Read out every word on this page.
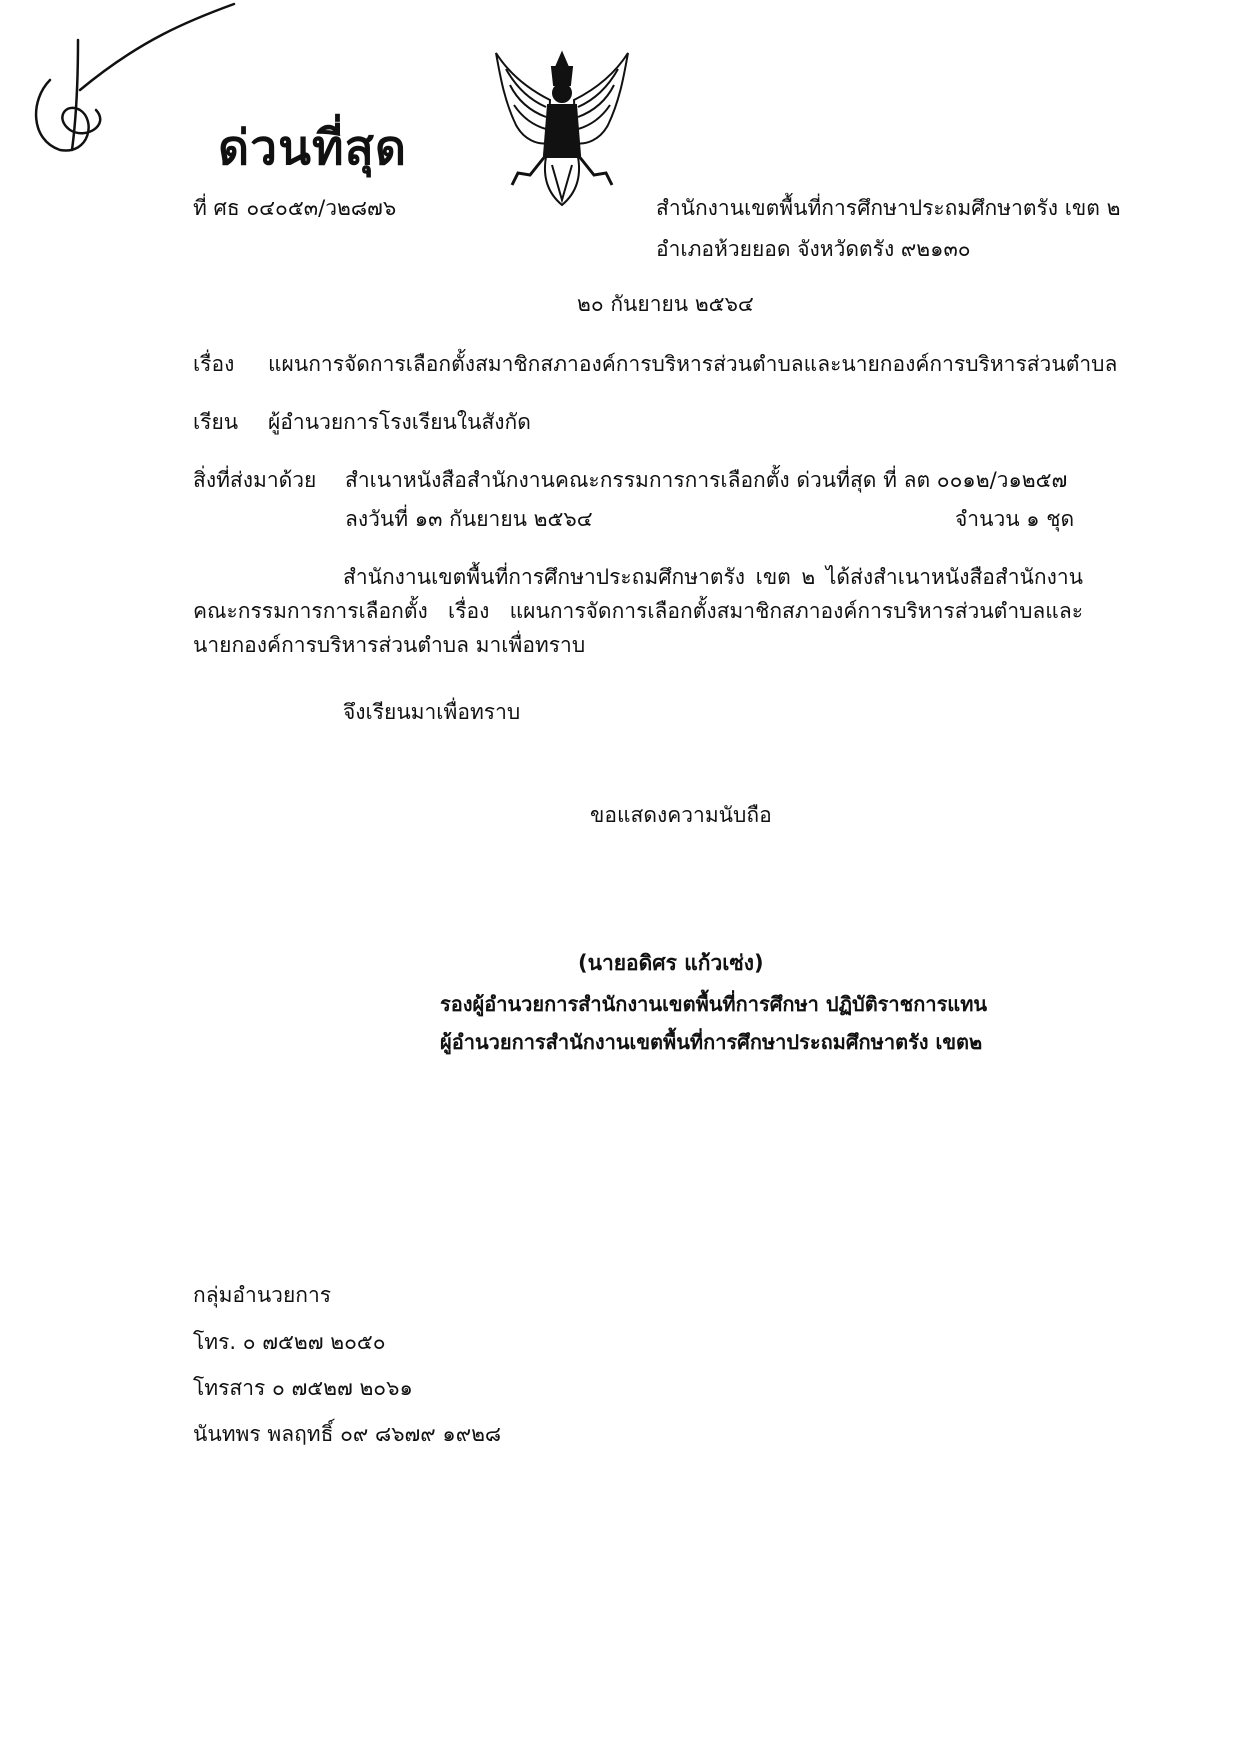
ด่วนที่สุด
ที่ ศธ ๐๔๐๕๓/ว๒๘๗๖	สำนักงานเขตพื้นที่การศึกษาประถมศึกษาตรัง เขต ๒
อำเภอห้วยยอด จังหวัดตรัง ๙๒๑๓๐
๒๐ กันยายน ๒๕๖๔
เรื่อง แผนการจัดการเลือกตั้งสมาชิกสภาองค์การบริหารส่วนตำบลและนายกองค์การบริหารส่วนตำบล
เรียน ผู้อำนวยการโรงเรียนในสังกัด
สิ่งที่ส่งมาด้วย สำเนาหนังสือสำนักงานคณะกรรมการการเลือกตั้ง ด่วนที่สุด ที่ ลต ๐๐๑๒/ว๑๒๕๗
ลงวันที่ ๑๓ กันยายน ๒๕๖๔	จำนวน ๑ ชุด
สำนักงานเขตพื้นที่การศึกษาประถมศึกษาตรัง เขต ๒ ได้ส่งสำเนาหนังสือสำนักงานคณะกรรมการการเลือกตั้ง เรื่อง แผนการจัดการเลือกตั้งสมาชิกสภาองค์การบริหารส่วนตำบลและนายกองค์การบริหารส่วนตำบล มาเพื่อทราบ
จึงเรียนมาเพื่อทราบ
ขอแสดงความนับถือ
(นายอดิศร แก้วเซ่ง)
รองผู้อำนวยการสำนักงานเขตพื้นที่การศึกษา ปฏิบัติราชการแทน
ผู้อำนวยการสำนักงานเขตพื้นที่การศึกษาประถมศึกษาตรัง เขต๒
กลุ่มอำนวยการ
โทร. ๐ ๗๕๒๗ ๒๐๕๐
โทรสาร ๐ ๗๕๒๗ ๒๐๖๑
นันทพร พลฤทธิ์ ๐๙ ๘๖๗๙ ๑๙๒๘
